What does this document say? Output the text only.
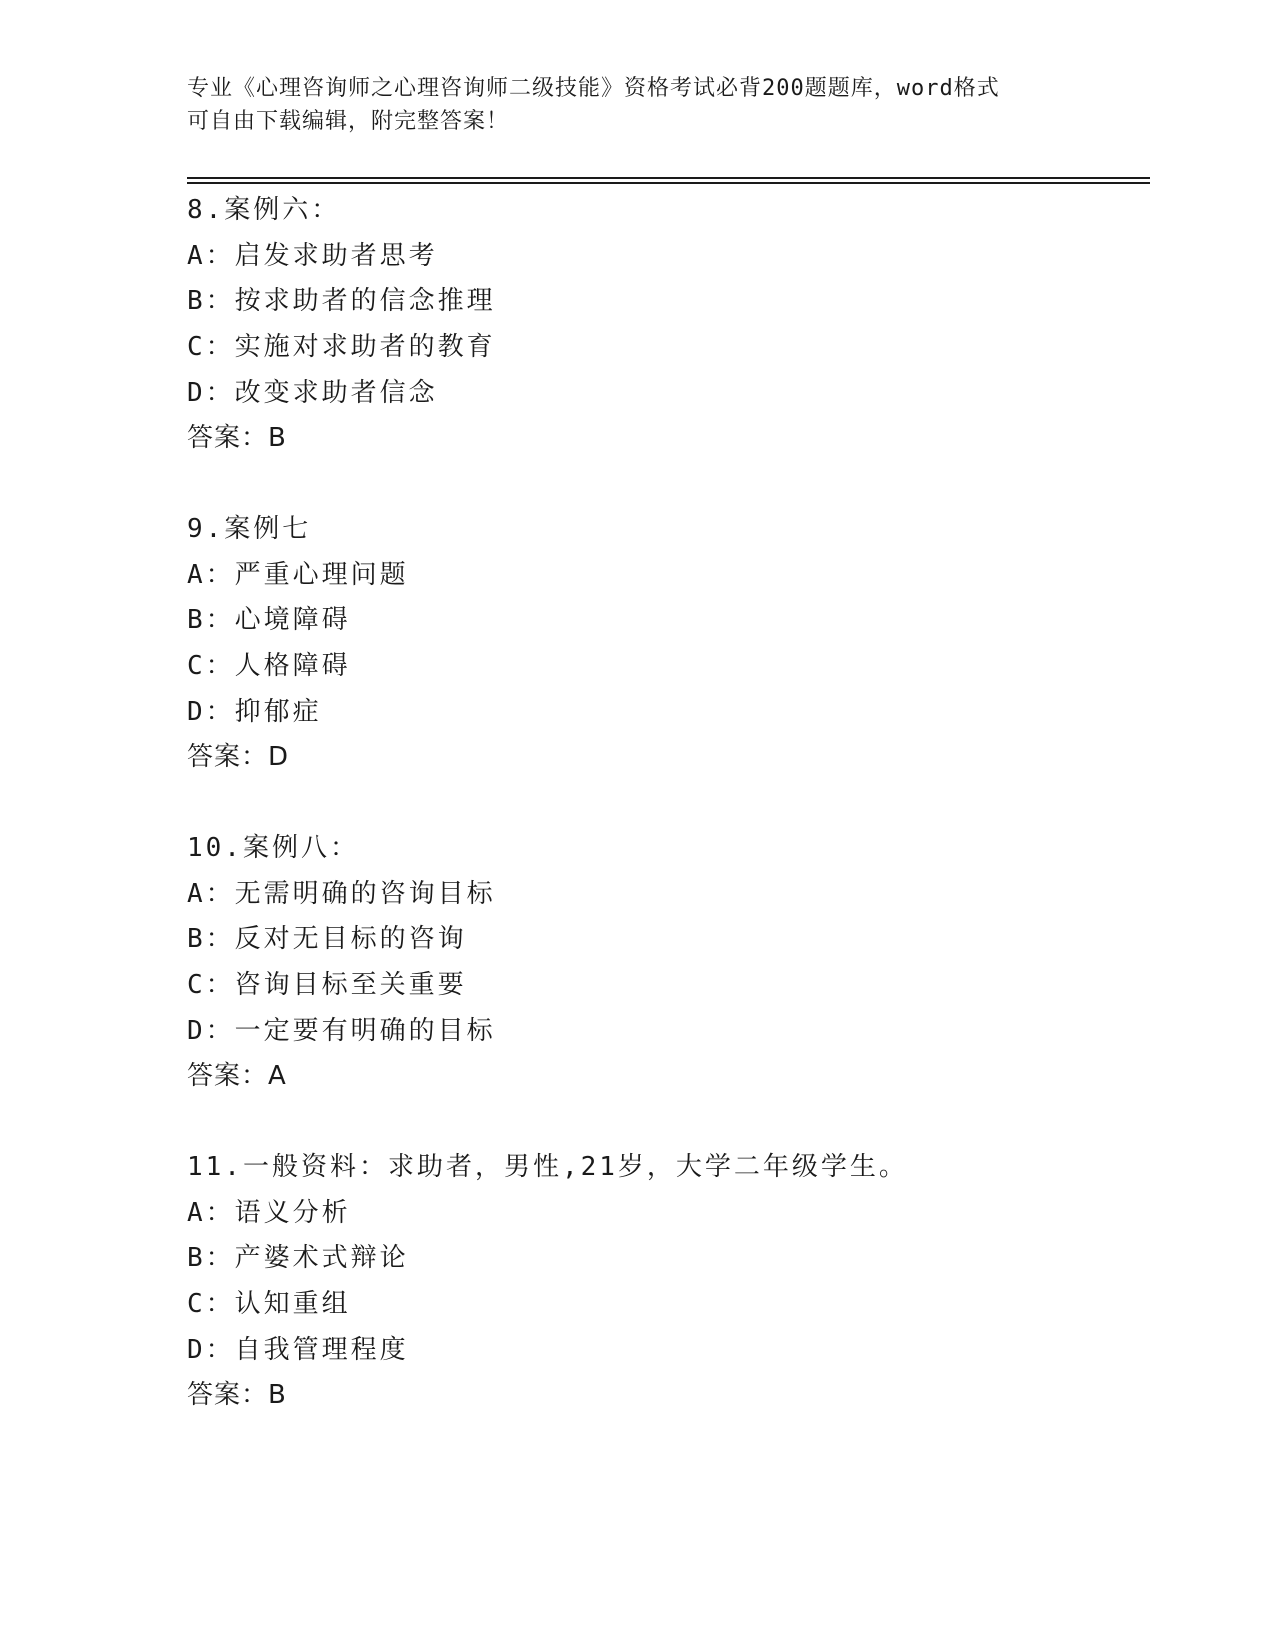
专业《心理咨询师之心理咨询师二级技能》资格考试必背200题题库，word格式

可自由下载编辑，附完整答案！

8.案例六：
A：启发求助者思考
B：按求助者的信念推理
C：实施对求助者的教育
D：改变求助者信念
答案：B
9.案例七
A：严重心理问题
B：心境障碍
C：人格障碍
D：抑郁症
答案：D
10.案例八：
A：无需明确的咨询目标
B：反对无目标的咨询
C：咨询目标至关重要
D：一定要有明确的目标
答案：A
11.一般资料：求助者，男性,21岁，大学二年级学生。
A：语义分析
B：产婆术式辩论
C：认知重组
D：自我管理程度
答案：B
